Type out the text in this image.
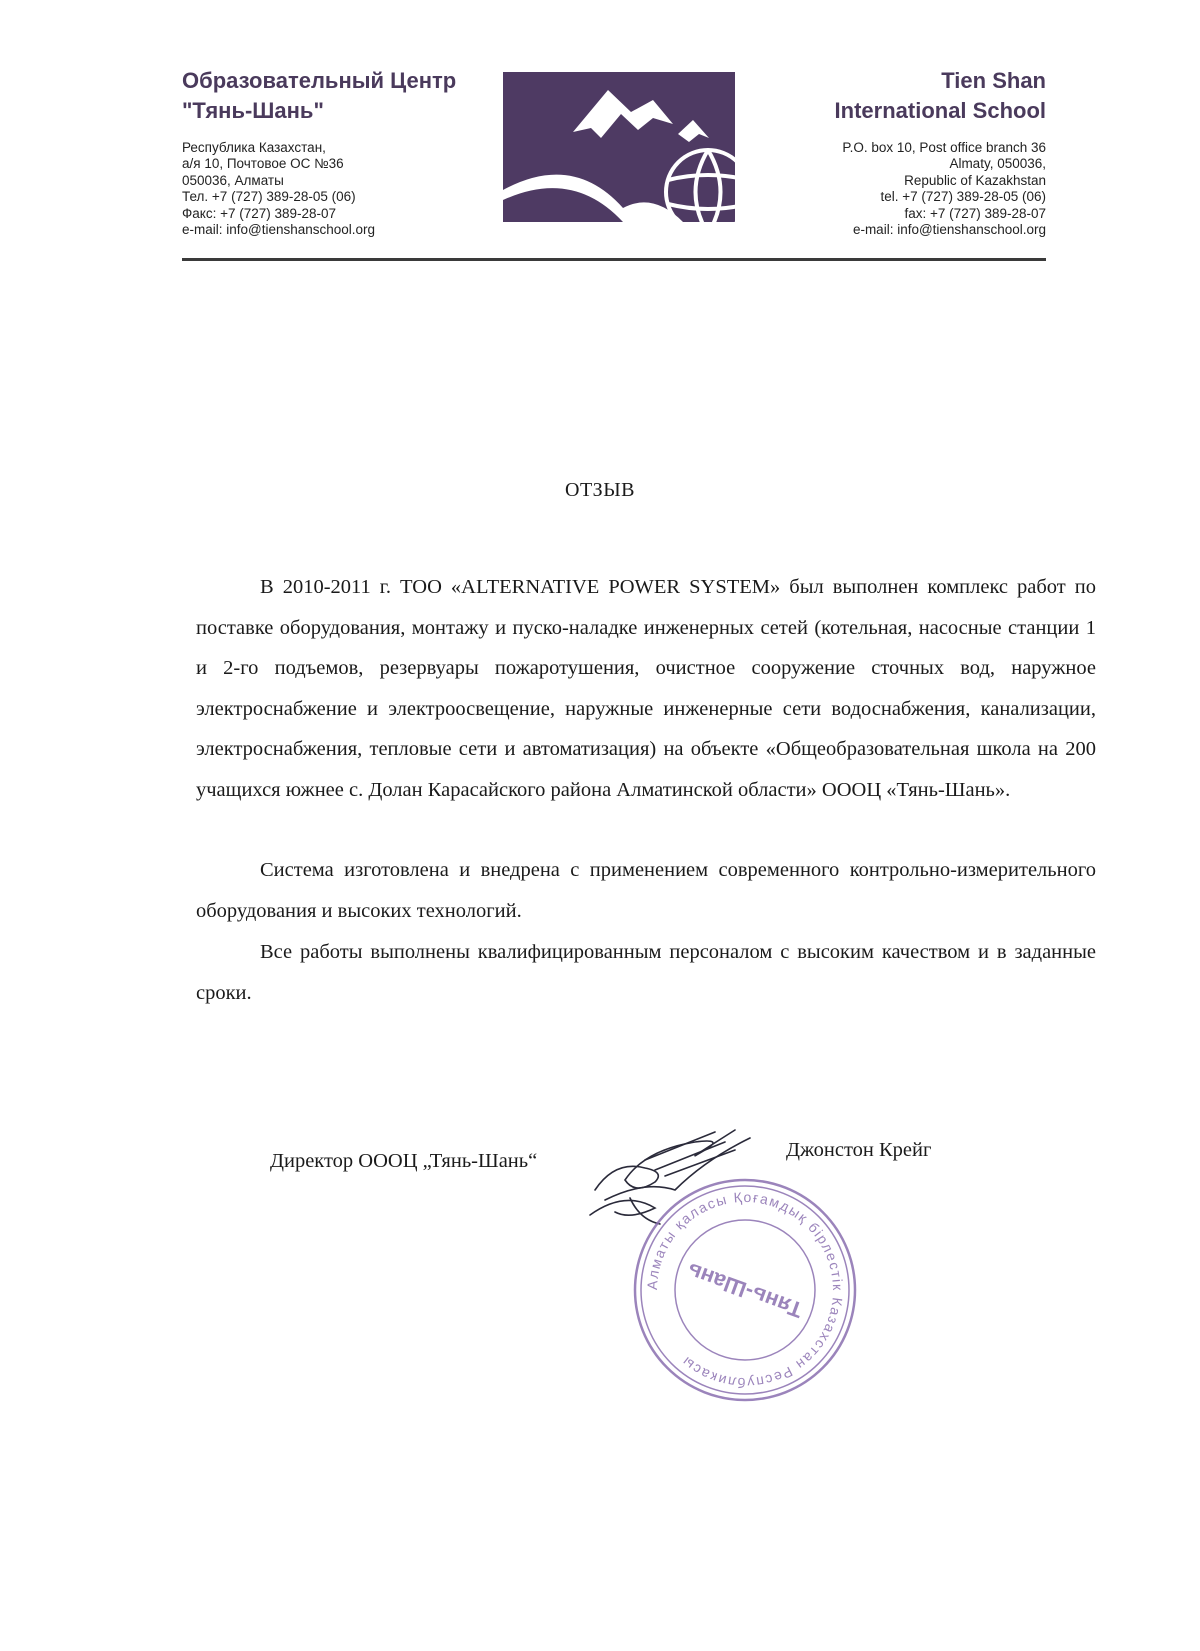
Образовательный Центр
"Тянь-Шань"
Республика Казахстан,
а/я 10, Почтовое ОС №36
050036, Алматы
Тел. +7 (727) 389-28-05 (06)
Факс: +7 (727) 389-28-07
e-mail: info@tienshanschool.org
Tien Shan
International School
P.O. box 10, Post office branch 36
Almaty, 050036,
Republic of Kazakhstan
tel. +7 (727) 389-28-05 (06)
fax: +7 (727) 389-28-07
e-mail: info@tienshanschool.org
ОТЗЫВ
В 2010-2011 г. ТОО «ALTERNATIVE POWER SYSTEM» был выполнен комплекс работ по поставке оборудования, монтажу и пуско-наладке инженерных сетей (котельная, насосные станции 1 и 2-го подъемов, резервуары пожаротушения, очистное сооружение сточных вод, наружное электроснабжение и электроосвещение, наружные инженерные сети водоснабжения, канализации, электроснабжения, тепловые сети и автоматизация) на объекте «Общеобразовательная школа на 200 учащихся южнее с. Долан Карасайского района Алматинской области» ОООЦ «Тянь-Шань».
Система изготовлена и внедрена с применением современного контрольно-измерительного оборудования и высоких технологий.
Все работы выполнены квалифицированным персоналом с высоким качеством и в заданные сроки.
Директор ОООЦ „Тянь-Шань“	Джонстон Крейг
Алматы қаласы Қоғамдық бірлестік Казахстан Республикасы
Тянь-Шань
